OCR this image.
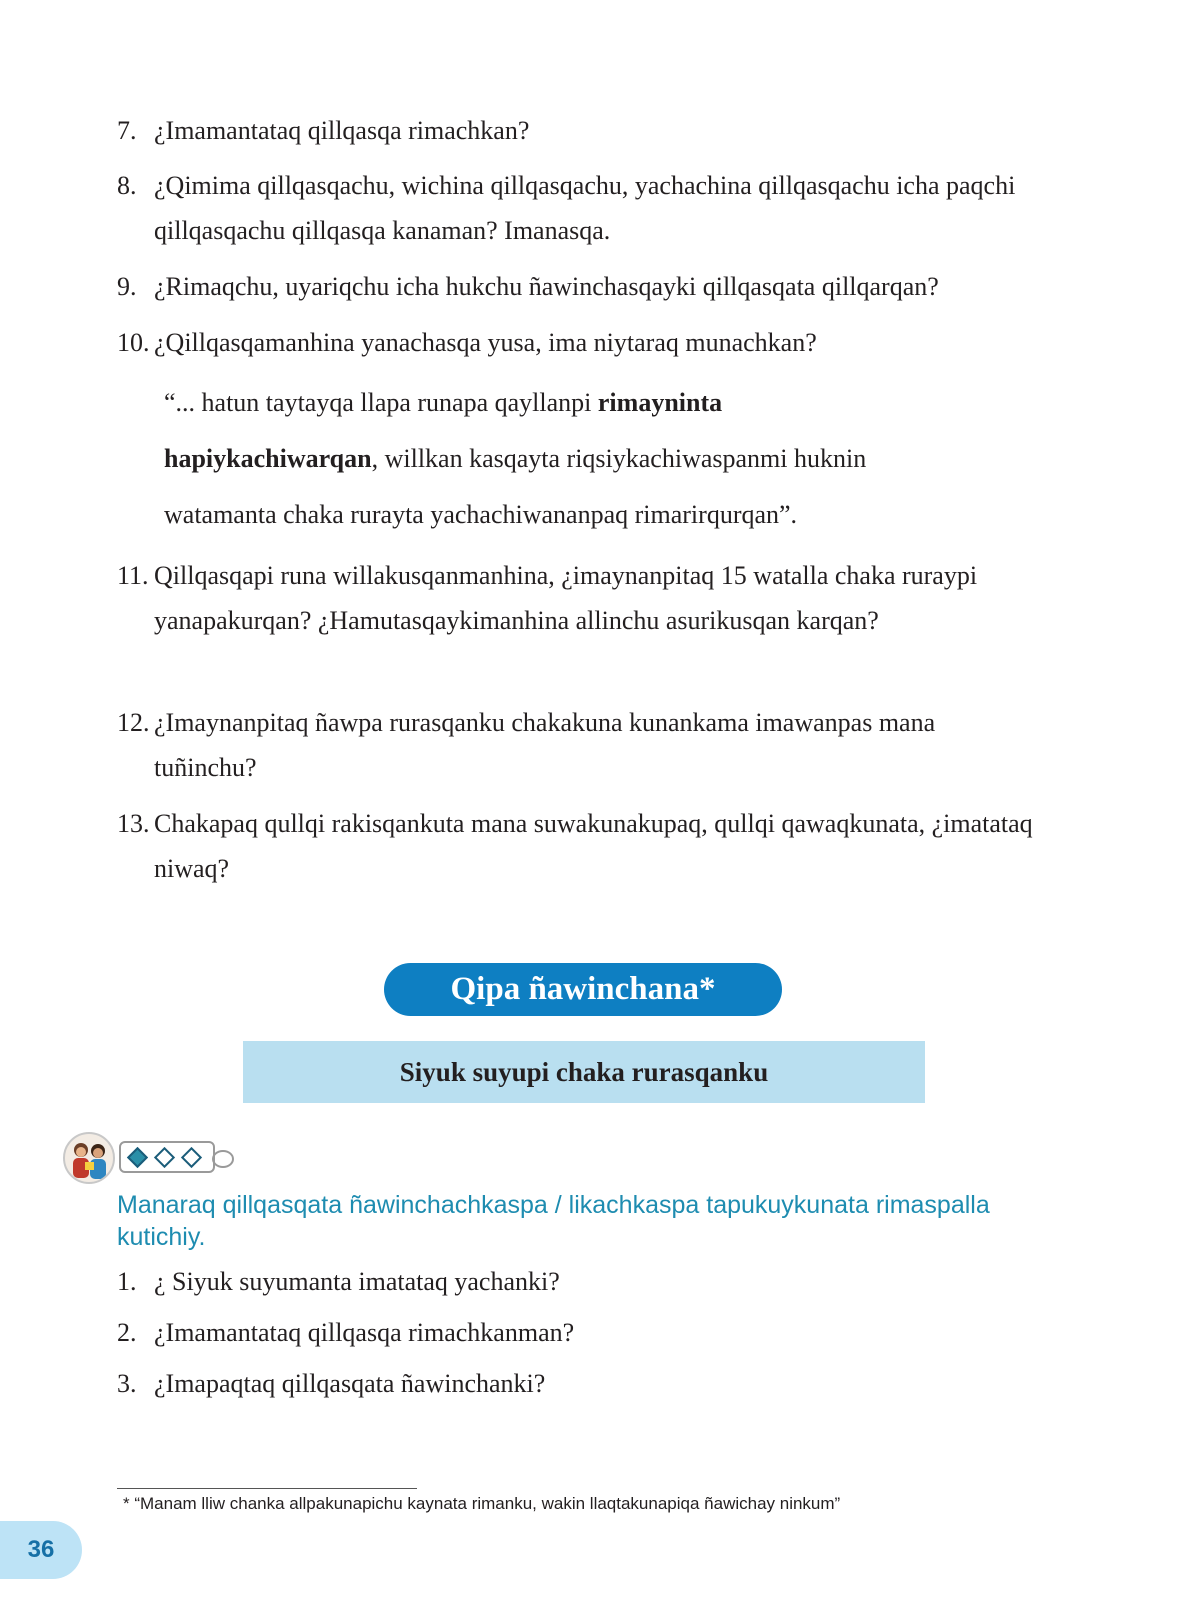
7. ¿Imamantataq qillqasqa rimachkan?
8. ¿Qimima qillqasqachu, wichina qillqasqachu, yachachina qillqasqachu icha paqchi qillqasqachu qillqasqa kanaman? Imanasqa.
9. ¿Rimaqchu, uyariqchu icha hukchu ñawinchasqayki qillqasqata qillqarqan?
10. ¿Qillqasqamanhina yanachasqa yusa, ima niytaraq munachkan?
“... hatun taytayqa llapa runapa qayllanpi rimayninta
hapiykachiwarqan, willkan kasqayta riqsiykachiwaspanmi huknin
watamanta chaka rurayta yachachiwananpaq rimarirqurqan”.
11. Qillqasqapi runa willakusqanmanhina, ¿imaynanpitaq 15 watalla chaka ruraypi yanapakurqan? ¿Hamutasqaykimanhina allinchu asurikusqan karqan?
12. ¿Imaynanpitaq ñawpa rurasqanku chakakuna kunankama imawanpas mana tuñinchu?
13. Chakapaq qullqi rakisqankuta mana suwakunakupaq, qullqi qawaqkunata, ¿imatataq niwaq?
Qipa ñawinchana*
Siyuk suyupi chaka rurasqanku
Manaraq qillqasqata ñawinchachkaspa / likachkaspa tapukuykunata rimaspalla kutichiy.
1. ¿ Siyuk suyumanta imatataq yachanki?
2. ¿Imamantataq qillqasqa rimachkanman?
3. ¿Imapaqtaq qillqasqata ñawinchanki?
* “Manam lliw chanka allpakunapichu kaynata rimanku, wakin llaqtakunapiqa ñawichay ninkum”
36
